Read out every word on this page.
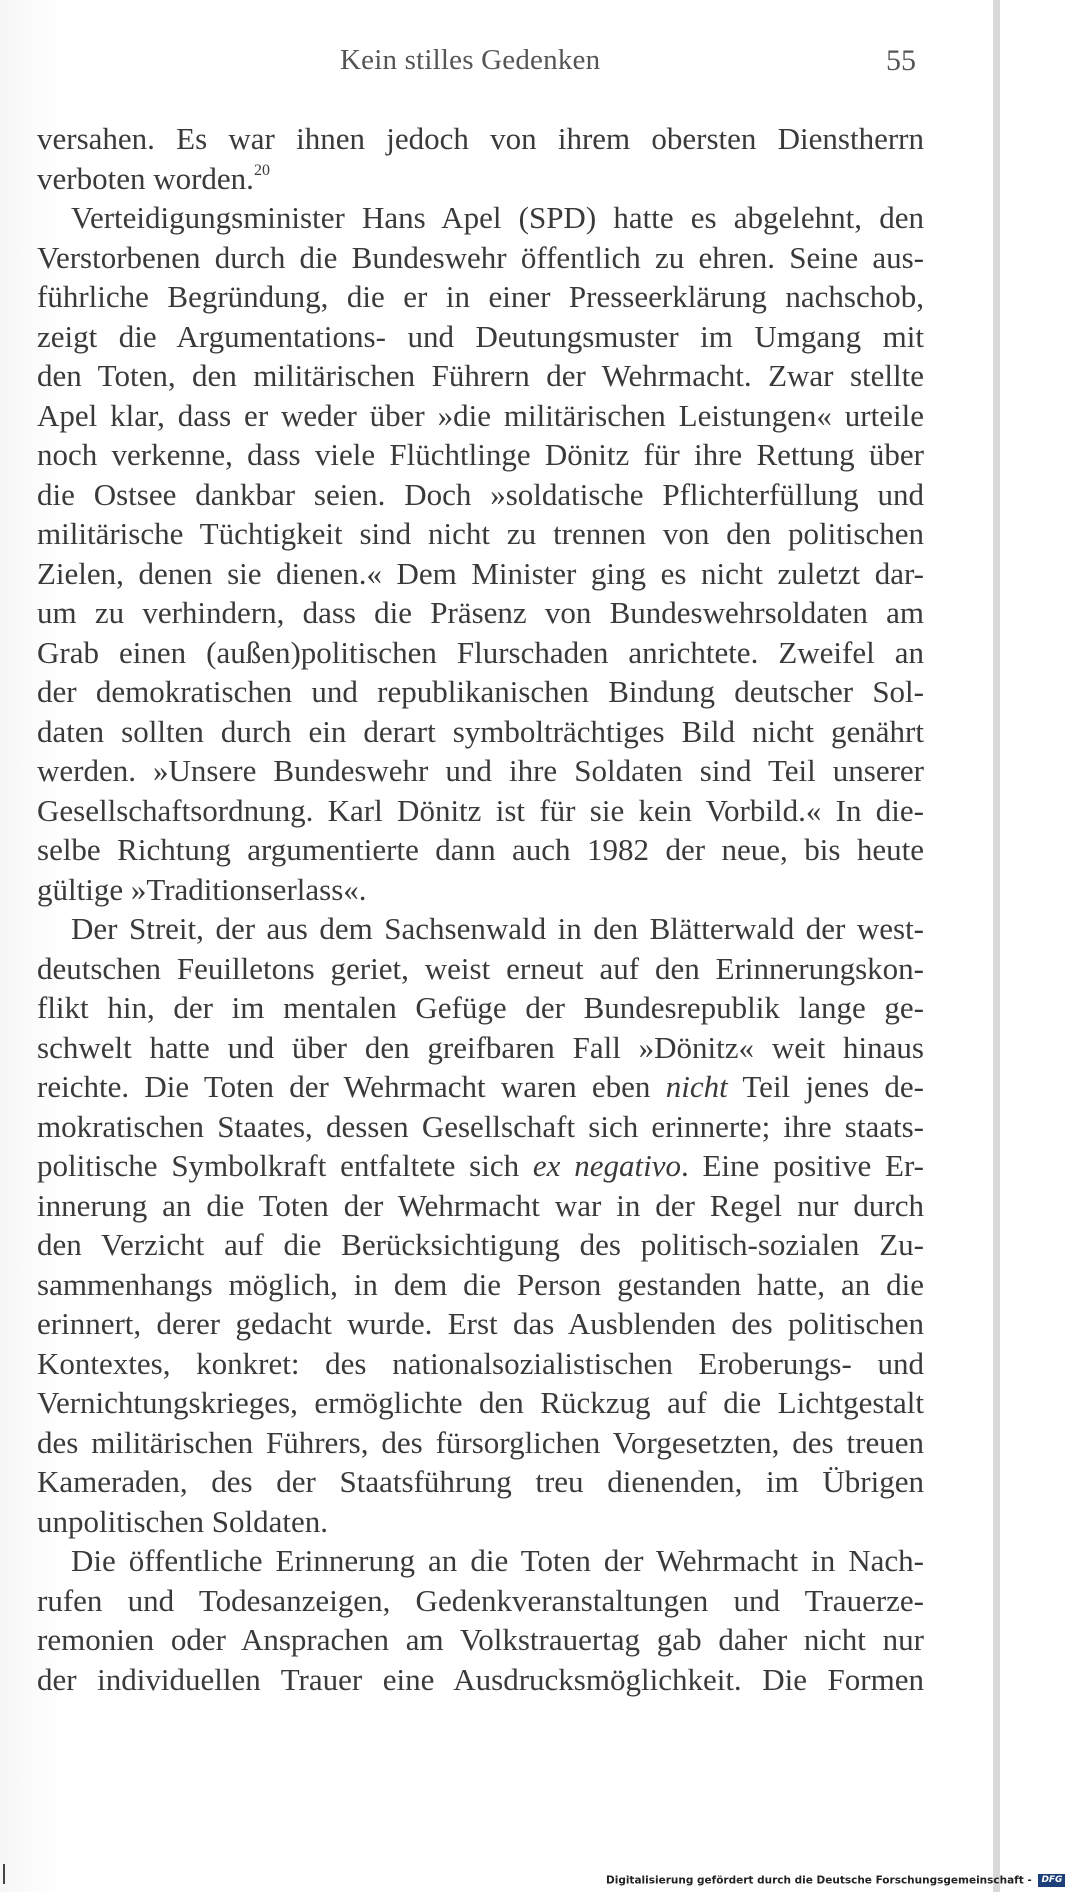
Kein stilles Gedenken	55
versahen. Es war ihnen jedoch von ihrem obersten Dienstherrn
verboten worden.$^{20}$
Verteidigungsminister Hans Apel (SPD) hatte es abgelehnt, den
Verstorbenen durch die Bundeswehr öffentlich zu ehren. Seine aus-
führliche Begründung, die er in einer Presseerklärung nachschob,
zeigt die Argumentations- und Deutungsmuster im Umgang mit
den Toten, den militärischen Führern der Wehrmacht. Zwar stellte
Apel klar, dass er weder über »die militärischen Leistungen« urteile
noch verkenne, dass viele Flüchtlinge Dönitz für ihre Rettung über
die Ostsee dankbar seien. Doch »soldatische Pflichterfüllung und
militärische Tüchtigkeit sind nicht zu trennen von den politischen
Zielen, denen sie dienen.« Dem Minister ging es nicht zuletzt dar-
um zu verhindern, dass die Präsenz von Bundeswehrsoldaten am
Grab einen (außen)politischen Flurschaden anrichtete. Zweifel an
der demokratischen und republikanischen Bindung deutscher Sol-
daten sollten durch ein derart symbolträchtiges Bild nicht genährt
werden. »Unsere Bundeswehr und ihre Soldaten sind Teil unserer
Gesellschaftsordnung. Karl Dönitz ist für sie kein Vorbild.« In die-
selbe Richtung argumentierte dann auch 1982 der neue, bis heute
gültige »Traditionserlass«.
Der Streit, der aus dem Sachsenwald in den Blätterwald der west-
deutschen Feuilletons geriet, weist erneut auf den Erinnerungskon-
flikt hin, der im mentalen Gefüge der Bundesrepublik lange ge-
schwelt hatte und über den greifbaren Fall »Dönitz« weit hinaus
reichte. Die Toten der Wehrmacht waren eben nicht Teil jenes de-
mokratischen Staates, dessen Gesellschaft sich erinnerte; ihre staats-
politische Symbolkraft entfaltete sich ex negativo. Eine positive Er-
innerung an die Toten der Wehrmacht war in der Regel nur durch
den Verzicht auf die Berücksichtigung des politisch-sozialen Zu-
sammenhangs möglich, in dem die Person gestanden hatte, an die
erinnert, derer gedacht wurde. Erst das Ausblenden des politischen
Kontextes, konkret: des nationalsozialistischen Eroberungs- und
Vernichtungskrieges, ermöglichte den Rückzug auf die Lichtgestalt
des militärischen Führers, des fürsorglichen Vorgesetzten, des treuen
Kameraden, des der Staatsführung treu dienenden, im Übrigen
unpolitischen Soldaten.
Die öffentliche Erinnerung an die Toten der Wehrmacht in Nach-
rufen und Todesanzeigen, Gedenkveranstaltungen und Trauerze-
remonien oder Ansprachen am Volkstrauertag gab daher nicht nur
der individuellen Trauer eine Ausdrucksmöglichkeit. Die Formen
Digitalisierung gefördert durch die Deutsche Forschungsgemeinschaft - DFG
